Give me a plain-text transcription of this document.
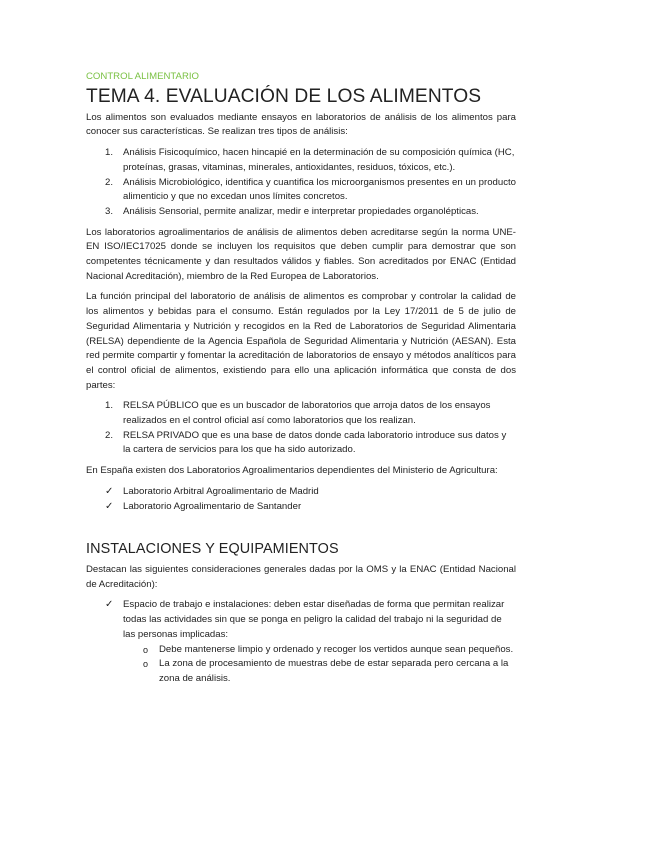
CONTROL ALIMENTARIO
TEMA 4. EVALUACIÓN DE LOS ALIMENTOS

Los alimentos son evaluados mediante ensayos en laboratorios de análisis de los alimentos para conocer sus características. Se realizan tres tipos de análisis:

1. Análisis Fisicoquímico, hacen hincapié en la determinación de su composición química (HC, proteínas, grasas, vitaminas, minerales, antioxidantes, residuos, tóxicos, etc.).
2. Análisis Microbiológico, identifica y cuantifica los microorganismos presentes en un producto alimenticio y que no excedan unos límites concretos.
3. Análisis Sensorial, permite analizar, medir e interpretar propiedades organolépticas.

Los laboratorios agroalimentarios de análisis de alimentos deben acreditarse según la norma UNE-EN ISO/IEC17025 donde se incluyen los requisitos que deben cumplir para demostrar que son competentes técnicamente y dan resultados válidos y fiables. Son acreditados por ENAC (Entidad Nacional Acreditación), miembro de la Red Europea de Laboratorios.

La función principal del laboratorio de análisis de alimentos es comprobar y controlar la calidad de los alimentos y bebidas para el consumo. Están regulados por la Ley 17/2011 de 5 de julio de Seguridad Alimentaria y Nutrición y recogidos en la Red de Laboratorios de Seguridad Alimentaria (RELSA) dependiente de la Agencia Española de Seguridad Alimentaria y Nutrición (AESAN). Esta red permite compartir y fomentar la acreditación de laboratorios de ensayo y métodos analíticos para el control oficial de alimentos, existiendo para ello una aplicación informática que consta de dos partes:

1. RELSA PÚBLICO que es un buscador de laboratorios que arroja datos de los ensayos realizados en el control oficial así como laboratorios que los realizan.
2. RELSA PRIVADO que es una base de datos donde cada laboratorio introduce sus datos y la cartera de servicios para los que ha sido autorizado.

En España existen dos Laboratorios Agroalimentarios dependientes del Ministerio de Agricultura:

✓ Laboratorio Arbitral Agroalimentario de Madrid
✓ Laboratorio Agroalimentario de Santander
INSTALACIONES Y EQUIPAMIENTOS

Destacan las siguientes consideraciones generales dadas por la OMS y la ENAC (Entidad Nacional de Acreditación):

✓ Espacio de trabajo e instalaciones: deben estar diseñadas de forma que permitan realizar todas las actividades sin que se ponga en peligro la calidad del trabajo ni la seguridad de las personas implicadas:
o Debe mantenerse limpio y ordenado y recoger los vertidos aunque sean pequeños.
o La zona de procesamiento de muestras debe de estar separada pero cercana a la zona de análisis.
